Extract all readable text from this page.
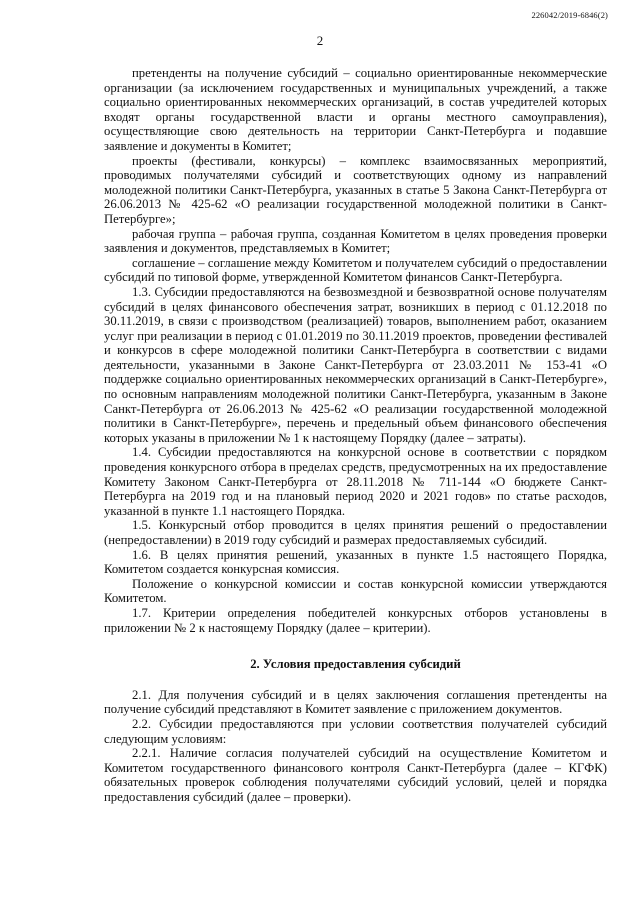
226042/2019-6846(2)
2

претенденты на получение субсидий – социально ориентированные некоммерческие организации (за исключением государственных и муниципальных учреждений, а также социально ориентированных некоммерческих организаций, в состав учредителей которых входят органы государственной власти и органы местного самоуправления), осуществляющие свою деятельность на территории Санкт-Петербурга и подавшие заявление и документы в Комитет;

проекты (фестивали, конкурсы) – комплекс взаимосвязанных мероприятий, проводимых получателями субсидий и соответствующих одному из направлений молодежной политики Санкт-Петербурга, указанных в статье 5 Закона Санкт-Петербурга от 26.06.2013 № 425-62 «О реализации государственной молодежной политики в Санкт-Петербурге»;

рабочая группа – рабочая группа, созданная Комитетом в целях проведения проверки заявления и документов, представляемых в Комитет;

соглашение – соглашение между Комитетом и получателем субсидий о предоставлении субсидий по типовой форме, утвержденной Комитетом финансов Санкт-Петербурга.

1.3. Субсидии предоставляются на безвозмездной и безвозвратной основе получателям субсидий в целях финансового обеспечения затрат, возникших в период с 01.12.2018 по 30.11.2019, в связи с производством (реализацией) товаров, выполнением работ, оказанием услуг при реализации в период с 01.01.2019 по 30.11.2019 проектов, проведении фестивалей и конкурсов в сфере молодежной политики Санкт-Петербурга в соответствии с видами деятельности, указанными в Законе Санкт-Петербурга от 23.03.2011 № 153-41 «О поддержке социально ориентированных некоммерческих организаций в Санкт-Петербурге», по основным направлениям молодежной политики Санкт-Петербурга, указанным в Законе Санкт-Петербурга от 26.06.2013 № 425-62 «О реализации государственной молодежной политики в Санкт-Петербурге», перечень и предельный объем финансового обеспечения которых указаны в приложении № 1 к настоящему Порядку (далее – затраты).

1.4. Субсидии предоставляются на конкурсной основе в соответствии с порядком проведения конкурсного отбора в пределах средств, предусмотренных на их предоставление Комитету Законом Санкт-Петербурга от 28.11.2018 № 711-144 «О бюджете Санкт-Петербурга на 2019 год и на плановый период 2020 и 2021 годов» по статье расходов, указанной в пункте 1.1 настоящего Порядка.

1.5. Конкурсный отбор проводится в целях принятия решений о предоставлении (непредоставлении) в 2019 году субсидий и размерах предоставляемых субсидий.

1.6. В целях принятия решений, указанных в пункте 1.5 настоящего Порядка, Комитетом создается конкурсная комиссия.

Положение о конкурсной комиссии и состав конкурсной комиссии утверждаются Комитетом.

1.7. Критерии определения победителей конкурсных отборов установлены в приложении № 2 к настоящему Порядку (далее – критерии).

2. Условия предоставления субсидий

2.1. Для получения субсидий и в целях заключения соглашения претенденты на получение субсидий представляют в Комитет заявление с приложением документов.

2.2. Субсидии предоставляются при условии соответствия получателей субсидий следующим условиям:

2.2.1. Наличие согласия получателей субсидий на осуществление Комитетом и Комитетом государственного финансового контроля Санкт-Петербурга (далее – КГФК) обязательных проверок соблюдения получателями субсидий условий, целей и порядка предоставления субсидий (далее – проверки).
